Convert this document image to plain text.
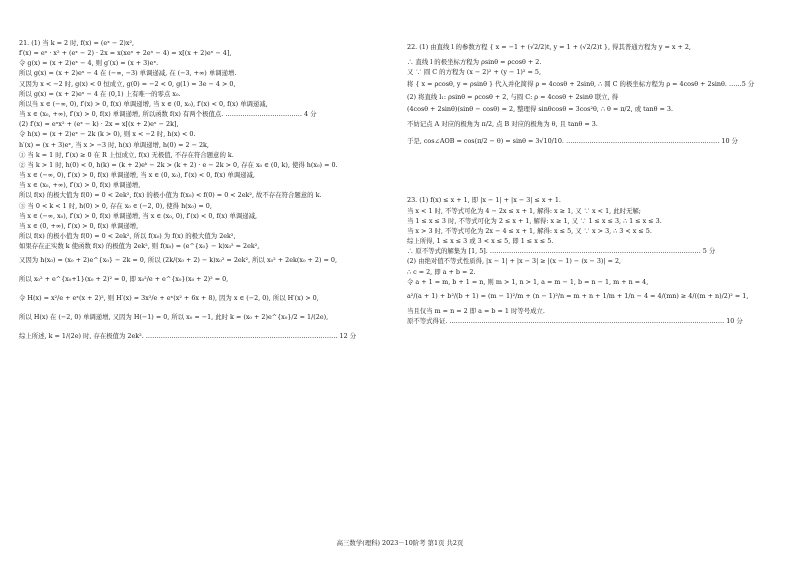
21. (1) 当 k = 2 时, f(x) = (eˣ − 2)x²,
f′(x) = eˣ · x² + (eˣ − 2) · 2x = x(xeˣ + 2eˣ − 4) = x[(x + 2)eˣ − 4],
令 g(x) = (x + 2)eˣ − 4, 则 g′(x) = (x + 3)eˣ.
所以 g(x) = (x + 2)eˣ − 4 在 (−∞, −3) 单调递减, 在 (−3, +∞) 单调递增.
又因为 x < −2 时, g(x) < 0 恒成立, g(0) = −2 < 0, g(1) = 3e − 4 > 0,
所以 g(x) = (x + 2)eˣ − 4 在 (0,1) 上有唯一的零点 x₀.
所以当 x ∈ (−∞, 0), f′(x) > 0, f(x) 单调递增, 当 x ∈ (0, x₀), f′(x) < 0, f(x) 单调递减,
当 x ∈ (x₀, +∞), f′(x) > 0, f(x) 单调递增, 所以函数 f(x) 有两个极值点. ……………………………… 4 分
(2) f′(x) = eˣx² + (eˣ − k) · 2x = x[(x + 2)eˣ − 2k],
令 h(x) = (x + 2)eˣ − 2k (k > 0), 则 x < −2 时, h(x) < 0.
h′(x) = (x + 3)eˣ, 当 x > −3 时, h(x) 单调递增, h(0) = 2 − 2k,
① 当 k = 1 时, f′(x) ≥ 0 在 R 上恒成立, f(x) 无极值, 不存在符合题意的 k.
② 当 k > 1 时, h(0) < 0, h(k) = (k + 2)eᵏ − 2k > (k + 2) · e − 2k > 0, 存在 x₀ ∈ (0, k), 使得 h(x₀) = 0.
当 x ∈ (−∞, 0), f′(x) > 0, f(x) 单调递增, 当 x ∈ (0, x₀), f′(x) < 0, f(x) 单调递减,
当 x ∈ (x₀, +∞), f′(x) > 0, f(x) 单调递增,
所以 f(x) 的极大值为 f(0) = 0 < 2ek², f(x) 的极小值为 f(x₀) < f(0) = 0 < 2ek², 故不存在符合题意的 k.
③ 当 0 < k < 1 时, h(0) > 0, 存在 x₀ ∈ (−2, 0), 使得 h(x₀) = 0,
当 x ∈ (−∞, x₀), f′(x) > 0, f(x) 单调递增, 当 x ∈ (x₀, 0), f′(x) < 0, f(x) 单调递减,
当 x ∈ (0, +∞), f′(x) > 0, f(x) 单调递增,
所以 f(x) 的极小值为 f(0) = 0 < 2ek², 所以 f(x₀) 为 f(x) 的极大值为 2ek²,
如果存在正实数 k 使函数 f(x) 的极值为 2ek², 则 f(x₀) = (e^{x₀} − k)x₀² = 2ek²,
又因为 h(x₀) = (x₀ + 2)e^{x₀} − 2k = 0, 所以 (2k/(x₀ + 2) − k)x₀² = 2ek², 所以 x₀² + 2ek(x₀ + 2) = 0,
所以 x₀² + e^{x₀+1}(x₀ + 2)² = 0, 即 x₀²/e + e^{x₀}(x₀ + 2)² = 0,
令 H(x) = x²/e + eˣ(x + 2)², 则 H′(x) = 3x²/e + eˣ(x² + 6x + 8), 因为 x ∈ (−2, 0), 所以 H′(x) > 0,
所以 H(x) 在 (−2, 0) 单调递增, 又因为 H(−1) = 0, 所以 x₀ = −1, 此时 k = (x₀ + 2)e^{x₀}/2 = 1/(2e),
综上所述, k = 1/(2e) 时, 存在极值为 2ek². ……………………………………………………………………………… 12 分
22. (1) 由直线 l 的参数方程 { x = −1 + (√2/2)t, y = 1 + (√2/2)t }, 得其普通方程为 y = x + 2,
∴ 直线 l 的极坐标方程为 ρsinθ = ρcosθ + 2.
又 ∵ 圆 C 的方程为 (x − 2)² + (y − 1)² = 5,
将 { x = ρcosθ, y = ρsinθ } 代入并化简得 ρ = 4cosθ + 2sinθ, ∴ 圆 C 的极坐标方程为 ρ = 4cosθ + 2sinθ. ……5 分
(2) 将直线 l₁: ρsinθ = ρcosθ + 2, 与圆 C: ρ = 4cosθ + 2sinθ 联立, 得
(4cosθ + 2sinθ)(sinθ − cosθ) = 2, 整理得 sinθcosθ = 3cos²θ, ∴ θ = π/2, 或 tanθ = 3.
不妨记点 A 对应的极角为 π/2, 点 B 对应的极角为 θ, 且 tanθ = 3.
于是, cos∠AOB = cos(π/2 − θ) = sinθ = 3√10/10. ……………………………………………………………… 10 分
23. (1) f(x) ≤ x + 1, 即 |x − 1| + |x − 3| ≤ x + 1.
当 x < 1 时, 不等式可化为 4 − 2x ≤ x + 1, 解得: x ≥ 1, 又 ∵ x < 1, 此时无解;
当 1 ≤ x ≤ 3 时, 不等式可化为 2 ≤ x + 1, 解得: x ≥ 1, 又 ∵ 1 ≤ x ≤ 3, ∴ 1 ≤ x ≤ 3.
当 x > 3 时, 不等式可化为 2x − 4 ≤ x + 1, 解得: x ≤ 5, 又 ∵ x > 3, ∴ 3 < x ≤ 5.
综上所得, 1 ≤ x ≤ 3 或 3 < x ≤ 5, 即 1 ≤ x ≤ 5.
∴ 原不等式的解集为 [1, 5]. ……………………………………………………………………………………… 5 分
(2) 由绝对值不等式性质得, |x − 1| + |x − 3| ≥ |(x − 1) − (x − 3)| = 2,
∴ c = 2, 即 a + b = 2.
令 a + 1 = m, b + 1 = n, 则 m > 1, n > 1, a = m − 1, b = n − 1, m + n = 4,
a²/(a + 1) + b²/(b + 1) = (m − 1)²/m + (n − 1)²/n = m + n + 1/m + 1/n − 4 = 4/(mn) ≥ 4/((m + n)/2)² = 1,
当且仅当 m = n = 2 即 a = b = 1 时等号成立.
原不等式得证. ………………………………………………………………………………………………………………… 10 分
高三数学(理科) 2023－10阶考 第1页 共2页
